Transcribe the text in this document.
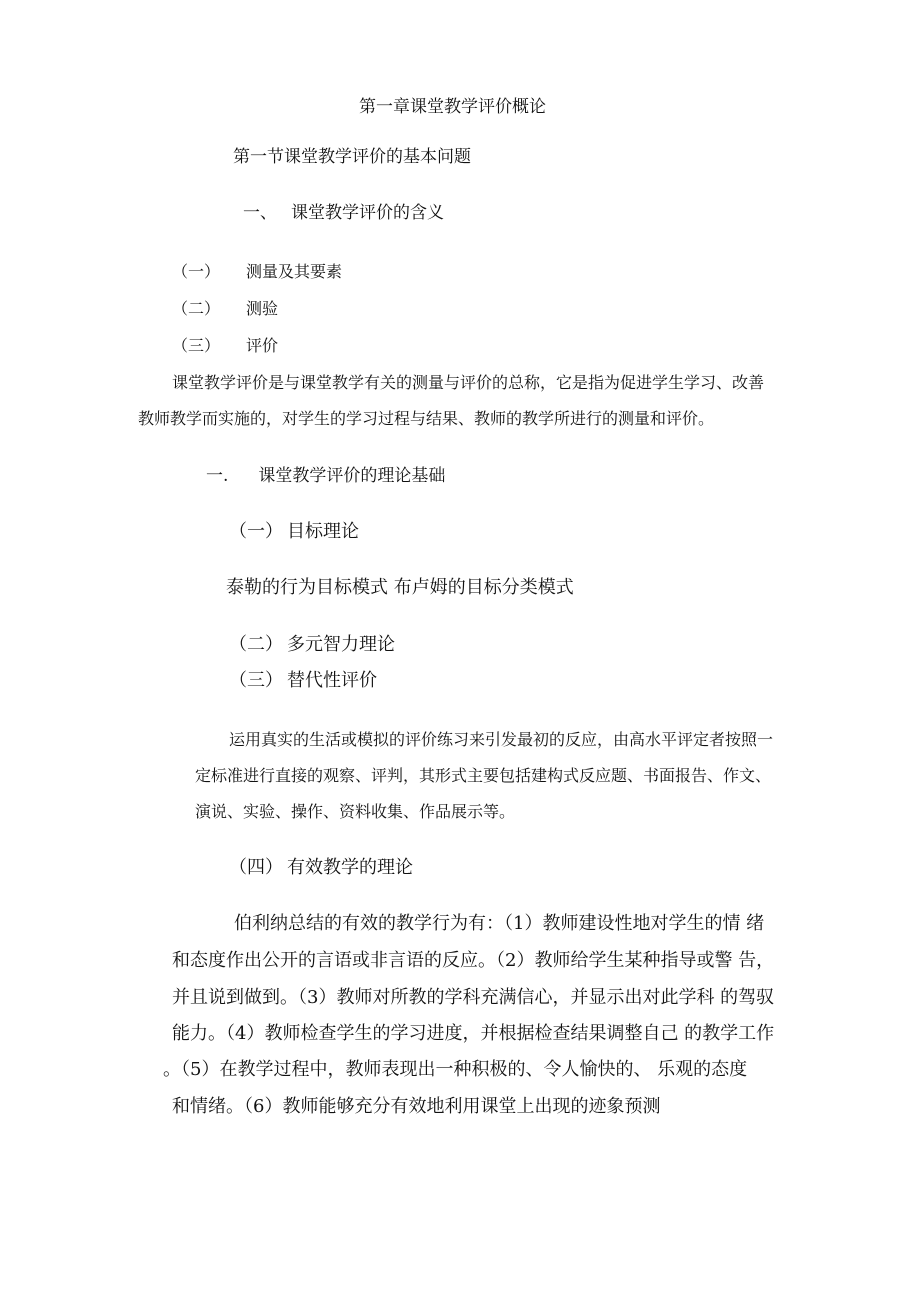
第一章课堂教学评价概论
第一节课堂教学评价的基本问题
一、 课堂教学评价的含义
（一） 测量及其要素
（二） 测验
（三） 评价
课堂教学评价是与课堂教学有关的测量与评价的总称，它是指为促进学生学习、改善
教师教学而实施的，对学生的学习过程与结果、教师的教学所进行的测量和评价。
一. 课堂教学评价的理论基础
（一） 目标理论
泰勒的行为目标模式 布卢姆的目标分类模式
（二） 多元智力理论
（三） 替代性评价
运用真实的生活或模拟的评价练习来引发最初的反应，由高水平评定者按照一
定标准进行直接的观察、评判，其形式主要包括建构式反应题、书面报告、作文、
演说、实验、操作、资料收集、作品展示等。
（四） 有效教学的理论
伯利纳总结的有效的教学行为有：（1）教师建设性地对学生的情 绪
和态度作出公开的言语或非言语的反应。（2）教师给学生某种指导或警 告，
并且说到做到。（3）教师对所教的学科充满信心，并显示出对此学科 的驾驭
能力。（4）教师检查学生的学习进度，并根据检查结果调整自己 的教学工作
。（5）在教学过程中，教师表现出一种积极的、令人愉快的、 乐观的态度
和情绪。（6）教师能够充分有效地利用课堂上出现的迹象预测
